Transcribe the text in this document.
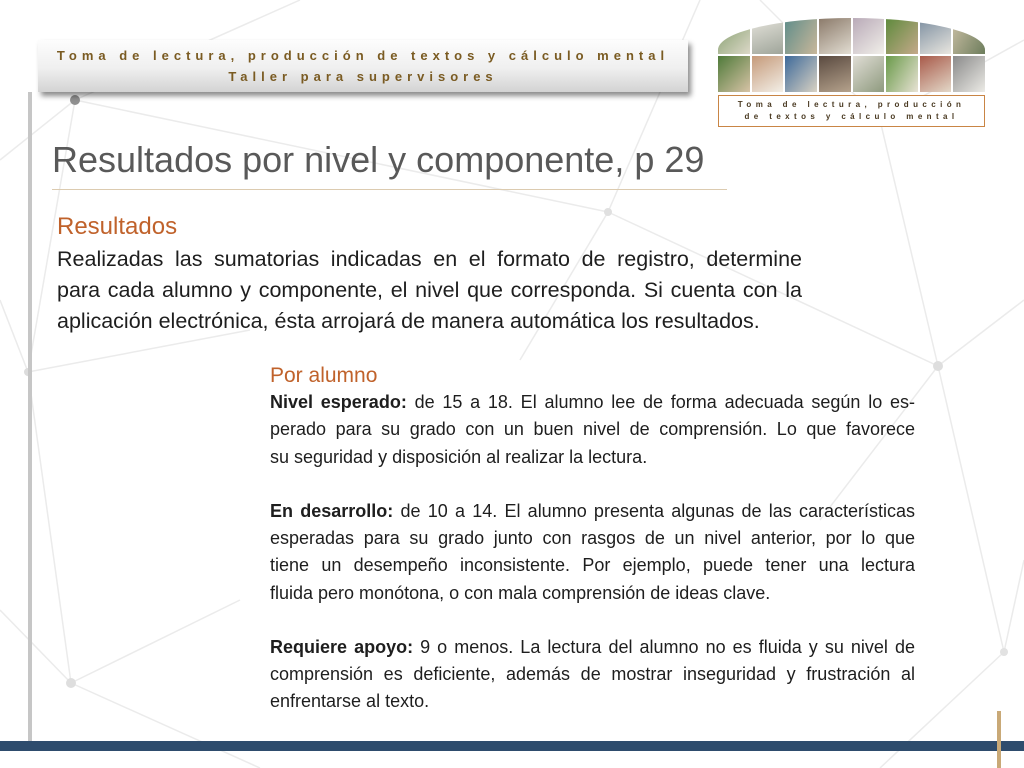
Toma de lectura, producción de textos y cálculo mental
Taller para supervisores
Toma de lectura, producción
de textos y cálculo mental
Resultados por nivel y componente, p 29
Resultados
Realizadas las sumatorias indicadas en el formato de registro, determine
para cada alumno y componente, el nivel que corresponda. Si cuenta con la
aplicación electrónica, ésta arrojará de manera automática los resultados.
Por alumno
Nivel esperado: de 15 a 18. El alumno lee de forma adecuada según lo es-
perado para su grado con un buen nivel de comprensión. Lo que favorece
su seguridad y disposición al realizar la lectura.
En desarrollo: de 10 a 14. El alumno presenta algunas de las características
esperadas para su grado junto con rasgos de un nivel anterior, por lo que
tiene un desempeño inconsistente. Por ejemplo, puede tener una lectura
fluida pero monótona, o con mala comprensión de ideas clave.
Requiere apoyo: 9 o menos. La lectura del alumno no es fluida y su nivel de
comprensión es deficiente, además de mostrar inseguridad y frustración al
enfrentarse al texto.
